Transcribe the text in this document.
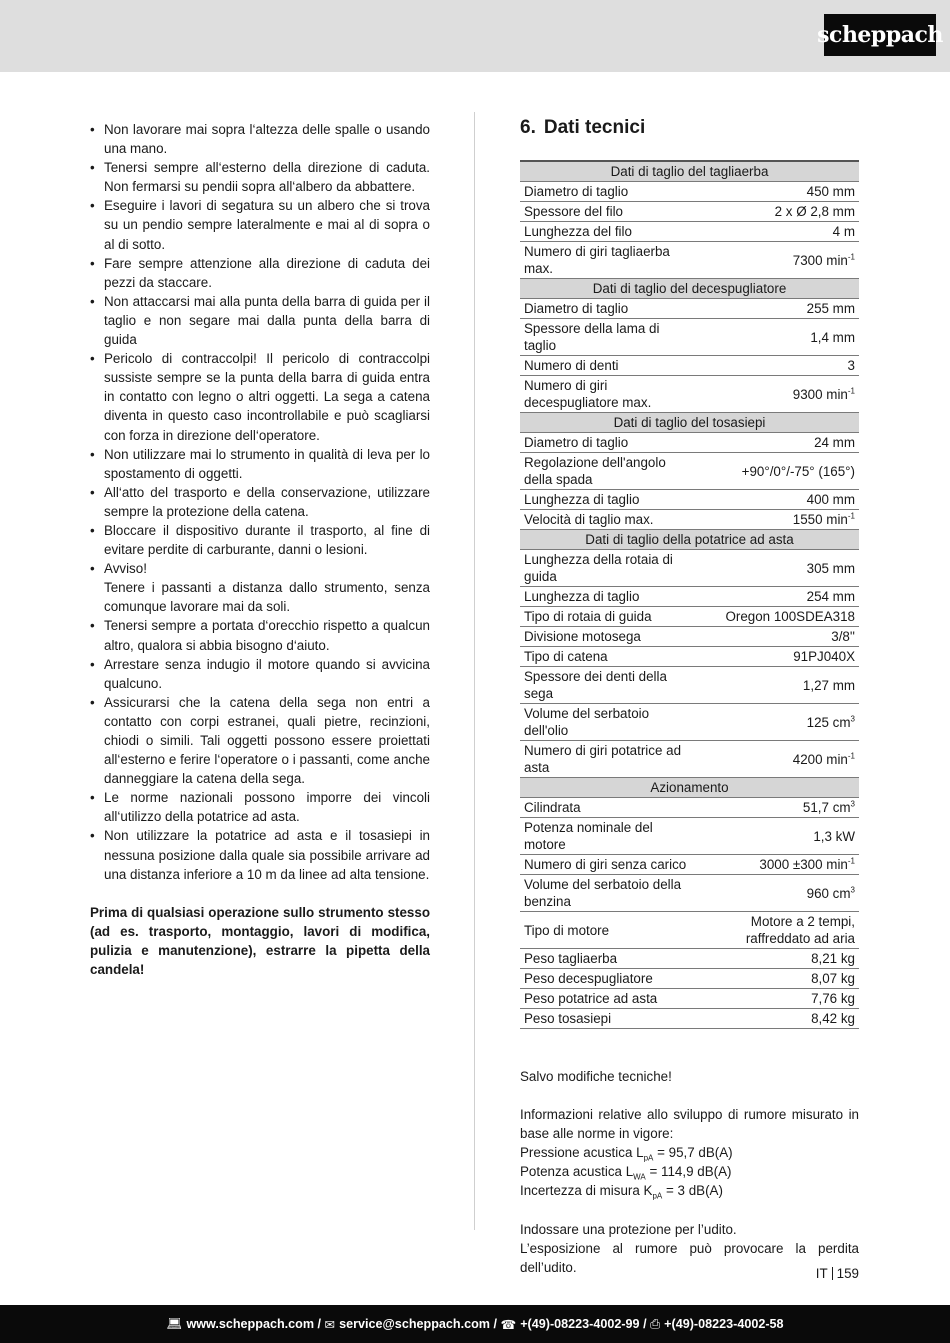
scheppach
• Non lavorare mai sopra l‘altezza delle spalle o usando una mano.
• Tenersi sempre all‘esterno della direzione di caduta. Non fermarsi su pendii sopra all‘albero da abbattere.
• Eseguire i lavori di segatura su un albero che si trova su un pendio sempre lateralmente e mai al di sopra o al di sotto.
• Fare sempre attenzione alla direzione di caduta dei pezzi da staccare.
• Non attaccarsi mai alla punta della barra di guida per il taglio e non segare mai dalla punta della barra di guida
• Pericolo di contraccolpi! Il pericolo di contraccolpi sussiste sempre se la punta della barra di guida entra in contatto con legno o altri oggetti. La sega a catena diventa in questo caso incontrollabile e può scagliarsi con forza in direzione dell‘operatore.
• Non utilizzare mai lo strumento in qualità di leva per lo spostamento di oggetti.
• All‘atto del trasporto e della conservazione, utilizzare sempre la protezione della catena.
• Bloccare il dispositivo durante il trasporto, al fine di evitare perdite di carburante, danni o lesioni.
• Avviso!
Tenere i passanti a distanza dallo strumento, senza comunque lavorare mai da soli.
• Tenersi sempre a portata d‘orecchio rispetto a qualcun altro, qualora si abbia bisogno d‘aiuto.
• Arrestare senza indugio il motore quando si avvicina qualcuno.
• Assicurarsi che la catena della sega non entri a contatto con corpi estranei, quali pietre, recinzioni, chiodi o simili. Tali oggetti possono essere proiettati all‘esterno e ferire l‘operatore o i passanti, come anche danneggiare la catena della sega.
• Le norme nazionali possono imporre dei vincoli all‘utilizzo della potatrice ad asta.
• Non utilizzare la potatrice ad asta e il tosasiepi in nessuna posizione dalla quale sia possibile arrivare ad una distanza inferiore a 10 m da linee ad alta tensione.

Prima di qualsiasi operazione sullo strumento stesso (ad es. trasporto, montaggio, lavori di modifica, pulizia e manutenzione), estrarre la pipetta della candela!

6. Dati tecnici
Dati di taglio del tagliaerba	
Diametro di taglio	450 mm
Spessore del filo	2 x Ø 2,8 mm
Lunghezza del filo	4 m
Numero di giri tagliaerba max.	7300 $\min^{-1}$
Dati di taglio del decespugliatore	
Diametro di taglio	255 mm
Spessore della lama di taglio	1,4 mm
Numero di denti	3
Numero di giri decespugliatore max.	9300 $\min^{-1}$
Dati di taglio del tosasiepi	
Diametro di taglio	24 mm
Regolazione dell'angolo della spada	+90°/0°/-75° (165°)
Lunghezza di taglio	400 mm
Velocità di taglio max.	1550 $\min^{-1}$
Dati di taglio della potatrice ad asta	
Lunghezza della rotaia di guida	305 mm
Lunghezza di taglio	254 mm
Tipo di rotaia di guida	Oregon 100SDEA318
Divisione motosega	3/8''
Tipo di catena	91PJ040X
Spessore dei denti della sega	1,27 mm
Volume del serbatoio dell'olio	125 $cm^3$
Numero di giri potatrice ad asta	4200 $\min^{-1}$
Azionamento	
Cilindrata	51,7 $cm^3$
Potenza nominale del motore	1,3 kW
Numero di giri senza carico	3000 ±300 $\min^{-1}$
Volume del serbatoio della benzina	960 $cm^3$
Tipo di motore	Motore a 2 tempi, raffreddato ad aria
Peso tagliaerba	8,21 kg
Peso decespugliatore	8,07 kg
Peso potatrice ad asta	7,76 kg
Peso tosasiepi	8,42 kg

Salvo modifiche tecniche!

Informazioni relative allo sviluppo di rumore misurato in base alle norme in vigore:

Pressione acustica $L_{pA} = 95,7$ dB(A)

Potenza acustica $L_{WA} = 114,9$ dB(A)

Incertezza di misura $K_{pA} = 3$ dB(A)

Indossare una protezione per l’udito.

L’esposizione al rumore può provocare la perdita dell’udito.	IT 159
💻︎ www.scheppach.com
/
✉︎ service@scheppach.com
/
☎︎ +(49)-08223-4002-99
/
⎙︎ +(49)-08223-4002-58
